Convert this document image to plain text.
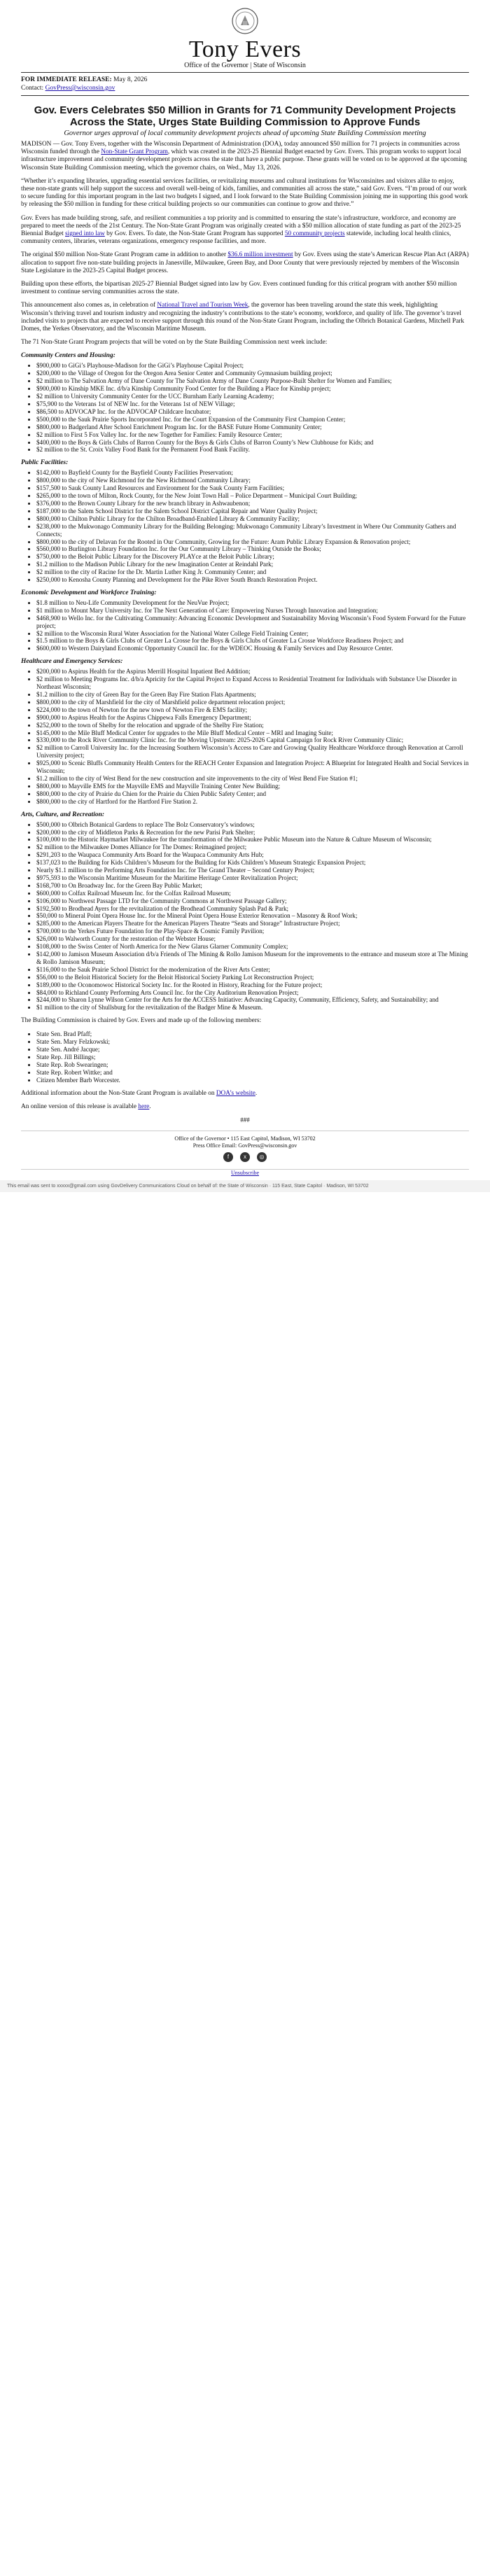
Tony Evers
Office of the Governor | State of Wisconsin
FOR IMMEDIATE RELEASE: May 8, 2026
Contact: GovPress@wisconsin.gov
Gov. Evers Celebrates $50 Million in Grants for 71 Community Development Projects Across the State, Urges State Building Commission to Approve Funds
Governor urges approval of local community development projects ahead of upcoming State Building Commission meeting

MADISON — Gov. Tony Evers, together with the Wisconsin Department of Administration (DOA), today announced $50 million for 71 projects in communities across Wisconsin funded through the Non-State Grant Program, which was created in the 2023-25 Biennial Budget enacted by Gov. Evers. This program works to support local infrastructure improvement and community development projects across the state that have a public purpose. These grants will be voted on to be approved at the upcoming Wisconsin State Building Commission meeting, which the governor chairs, on Wed., May 13, 2026.

“Whether it’s expanding libraries, upgrading essential services facilities, or revitalizing museums and cultural institutions for Wisconsinites and visitors alike to enjoy, these non-state grants will help support the success and overall well-being of kids, families, and communities all across the state,” said Gov. Evers. “I’m proud of our work to secure funding for this important program in the last two budgets I signed, and I look forward to the State Building Commission joining me in supporting this good work by releasing the $50 million in funding for these critical building projects so our communities can continue to grow and thrive.”

Gov. Evers has made building strong, safe, and resilient communities a top priority and is committed to ensuring the state’s infrastructure, workforce, and economy are prepared to meet the needs of the 21st Century. The Non-State Grant Program was originally created with a $50 million allocation of state funding as part of the 2023-25 Biennial Budget signed into law by Gov. Evers. To date, the Non-State Grant Program has supported 50 community projects statewide, including local health clinics, community centers, libraries, veterans organizations, emergency response facilities, and more.

The original $50 million Non-State Grant Program came in addition to another $36.6 million investment by Gov. Evers using the state’s American Rescue Plan Act (ARPA) allocation to support five non-state building projects in Janesville, Milwaukee, Green Bay, and Door County that were previously rejected by members of the Wisconsin State Legislature in the 2023-25 Capital Budget process.

Building upon these efforts, the bipartisan 2025-27 Biennial Budget signed into law by Gov. Evers continued funding for this critical program with another $50 million investment to continue serving communities across the state.

This announcement also comes as, in celebration of National Travel and Tourism Week, the governor has been traveling around the state this week, highlighting Wisconsin’s thriving travel and tourism industry and recognizing the industry’s contributions to the state’s economy, workforce, and quality of life. The governor’s travel included visits to projects that are expected to receive support through this round of the Non-State Grant Program, including the Olbrich Botanical Gardens, Mitchell Park Domes, the Yerkes Observatory, and the Wisconsin Maritime Museum.

The 71 Non-State Grant Program projects that will be voted on by the State Building Commission next week include:

Community Centers and Housing:
• $900,000 to GiGi’s Playhouse-Madison for the GiGi’s Playhouse Capital Project;
• $200,000 to the Village of Oregon for the Oregon Area Senior Center and Community Gymnasium building project;
• $2 million to The Salvation Army of Dane County for The Salvation Army of Dane County Purpose-Built Shelter for Women and Families;
• $900,000 to Kinship MKE Inc. d/b/a Kinship Community Food Center for the Building a Place for Kinship project;
• $2 million to University Community Center for the UCC Burnham Early Learning Academy;
• $75,900 to the Veterans 1st of NEW Inc. for the Veterans 1st of NEW Village;
• $86,500 to ADVOCAP Inc. for the ADVOCAP Childcare Incubator;
• $500,000 to the Sauk Prairie Sports Incorporated Inc. for the Court Expansion of the Community First Champion Center;
• $800,000 to Badgerland After School Enrichment Program Inc. for the BASE Future Home Community Center;
• $2 million to First 5 Fox Valley Inc. for the new Together for Families: Family Resource Center;
• $400,000 to the Boys & Girls Clubs of Barron County for the Boys & Girls Clubs of Barron County’s New Clubhouse for Kids; and
• $2 million to the St. Croix Valley Food Bank for the Permanent Food Bank Facility.
Public Facilities:
• $142,000 to Bayfield County for the Bayfield County Facilities Preservation;
• $800,000 to the city of New Richmond for the New Richmond Community Library;
• $157,500 to Sauk County Land Resources and Environment for the Sauk County Farm Facilities;
• $265,000 to the town of Milton, Rock County, for the New Joint Town Hall – Police Department – Municipal Court Building;
• $376,000 to the Brown County Library for the new branch library in Ashwaubenon;
• $187,000 to the Salem School District for the Salem School District Capital Repair and Water Quality Project;
• $800,000 to Chilton Public Library for the Chilton Broadband-Enabled Library & Community Facility;
• $238,000 to the Mukwonago Community Library for the Building Belonging: Mukwonago Community Library’s Investment in Where Our Community Gathers and Connects;
• $800,000 to the city of Delavan for the Rooted in Our Community, Growing for the Future: Aram Public Library Expansion & Renovation project;
• $560,000 to Burlington Library Foundation Inc. for the Our Community Library – Thinking Outside the Books;
• $750,000 to the Beloit Public Library for the Discovery PLAYce at the Beloit Public Library;
• $1.2 million to the Madison Public Library for the new Imagination Center at Reindahl Park;
• $2 million to the city of Racine for the Dr. Martin Luther King Jr. Community Center; and
• $250,000 to Kenosha County Planning and Development for the Pike River South Branch Restoration Project.
Economic Development and Workforce Training:
• $1.8 million to Neu-Life Community Development for the NeuVue Project;
• $1 million to Mount Mary University Inc. for The Next Generation of Care: Empowering Nurses Through Innovation and Integration;
• $468,900 to Wello Inc. for the Cultivating Community: Advancing Economic Development and Sustainability Moving Wisconsin’s Food System Forward for the Future project;
• $2 million to the Wisconsin Rural Water Association for the National Water College Field Training Center;
• $1.5 million to the Boys & Girls Clubs of Greater La Crosse for the Boys & Girls Clubs of Greater La Crosse Workforce Readiness Project; and
• $600,000 to Western Dairyland Economic Opportunity Council Inc. for the WDEOC Housing & Family Services and Day Resource Center.
Healthcare and Emergency Services:
• $200,000 to Aspirus Health for the Aspirus Merrill Hospital Inpatient Bed Addition;
• $2 million to Meeting Programs Inc. d/b/a Apricity for the Capital Project to Expand Access to Residential Treatment for Individuals with Substance Use Disorder in Northeast Wisconsin;
• $1.2 million to the city of Green Bay for the Green Bay Fire Station Flats Apartments;
• $800,000 to the city of Marshfield for the city of Marshfield police department relocation project;
• $224,000 to the town of Newton for the new town of Newton Fire & EMS facility;
• $900,000 to Aspirus Health for the Aspirus Chippewa Falls Emergency Department;
• $252,000 to the town of Shelby for the relocation and upgrade of the Shelby Fire Station;
• $145,000 to the Mile Bluff Medical Center for upgrades to the Mile Bluff Medical Center – MRI and Imaging Suite;
• $330,000 to the Rock River Community Clinic Inc. for the Moving Upstream: 2025-2026 Capital Campaign for Rock River Community Clinic;
• $2 million to Carroll University Inc. for the Increasing Southern Wisconsin’s Access to Care and Growing Quality Healthcare Workforce through Renovation at Carroll University project;
• $925,000 to Scenic Bluffs Community Health Centers for the REACH Center Expansion and Integration Project: A Blueprint for Integrated Health and Social Services in Wisconsin;
• $1.2 million to the city of West Bend for the new construction and site improvements to the city of West Bend Fire Station #1;
• $800,000 to Mayville EMS for the Mayville EMS and Mayville Training Center New Building;
• $800,000 to the city of Prairie du Chien for the Prairie du Chien Public Safety Center; and
• $800,000 to the city of Hartford for the Hartford Fire Station 2.
Arts, Culture, and Recreation:
• $500,000 to Olbrich Botanical Gardens to replace The Bolz Conservatory’s windows;
• $200,000 to the city of Middleton Parks & Recreation for the new Parisi Park Shelter;
• $100,000 to the Historic Haymarket Milwaukee for the transformation of the Milwaukee Public Museum into the Nature & Culture Museum of Wisconsin;
• $2 million to the Milwaukee Domes Alliance for The Domes: Reimagined project;
• $291,203 to the Waupaca Community Arts Board for the Waupaca Community Arts Hub;
• $137,023 to the Building for Kids Children’s Museum for the Building for Kids Children’s Museum Strategic Expansion Project;
• Nearly $1.1 million to the Performing Arts Foundation Inc. for The Grand Theater – Second Century Project;
• $975,593 to the Wisconsin Maritime Museum for the Maritime Heritage Center Revitalization Project;
• $168,700 to On Broadway Inc. for the Green Bay Public Market;
• $600,000 to Colfax Railroad Museum Inc. for the Colfax Railroad Museum;
• $106,000 to Northwest Passage LTD for the Community Commons at Northwest Passage Gallery;
• $192,500 to Brodhead Ayers for the revitalization of the Brodhead Community Splash Pad & Park;
• $50,000 to Mineral Point Opera House Inc. for the Mineral Point Opera House Exterior Renovation – Masonry & Roof Work;
• $285,000 to the American Players Theatre for the American Players Theatre “Seats and Storage” Infrastructure Project;
• $700,000 to the Yerkes Future Foundation for the Play-Space & Cosmic Family Pavilion;
• $26,000 to Walworth County for the restoration of the Webster House;
• $108,000 to the Swiss Center of North America for the New Glarus Glarner Community Complex;
• $142,000 to Jamison Museum Association d/b/a Friends of The Mining & Rollo Jamison Museum for the improvements to the entrance and museum store at The Mining & Rollo Jamison Museum;
• $116,000 to the Sauk Prairie School District for the modernization of the River Arts Center;
• $56,000 to the Beloit Historical Society for the Beloit Historical Society Parking Lot Reconstruction Project;
• $189,000 to the Oconomowoc Historical Society Inc. for the Rooted in History, Reaching for the Future project;
• $84,000 to Richland County Performing Arts Council Inc. for the City Auditorium Renovation Project;
• $244,000 to Sharon Lynne Wilson Center for the Arts for the ACCESS Initiative: Advancing Capacity, Community, Efficiency, Safety, and Sustainability; and
• $1 million to the city of Shullsburg for the revitalization of the Badger Mine & Museum.

The Building Commission is chaired by Gov. Evers and made up of the following members:

• State Sen. Brad Pfaff;
• State Sen. Mary Felzkowski;
• State Sen. André Jacque;
• State Rep. Jill Billings;
• State Rep. Rob Swearingen;
• State Rep. Robert Wittke; and
• Citizen Member Barb Worcester.

Additional information about the Non-State Grant Program is available on DOA’s website.

An online version of this release is available here.

###
Office of the Governor • 115 East Capitol, Madison, WI 53702
Press Office Email: GovPress@wisconsin.gov
f	x	◎
Unsubscribe
This email was sent to xxxxx@gmail.com using GovDelivery Communications Cloud on behalf of: the State of Wisconsin · 115 East, State Capitol · Madison, WI 53702
